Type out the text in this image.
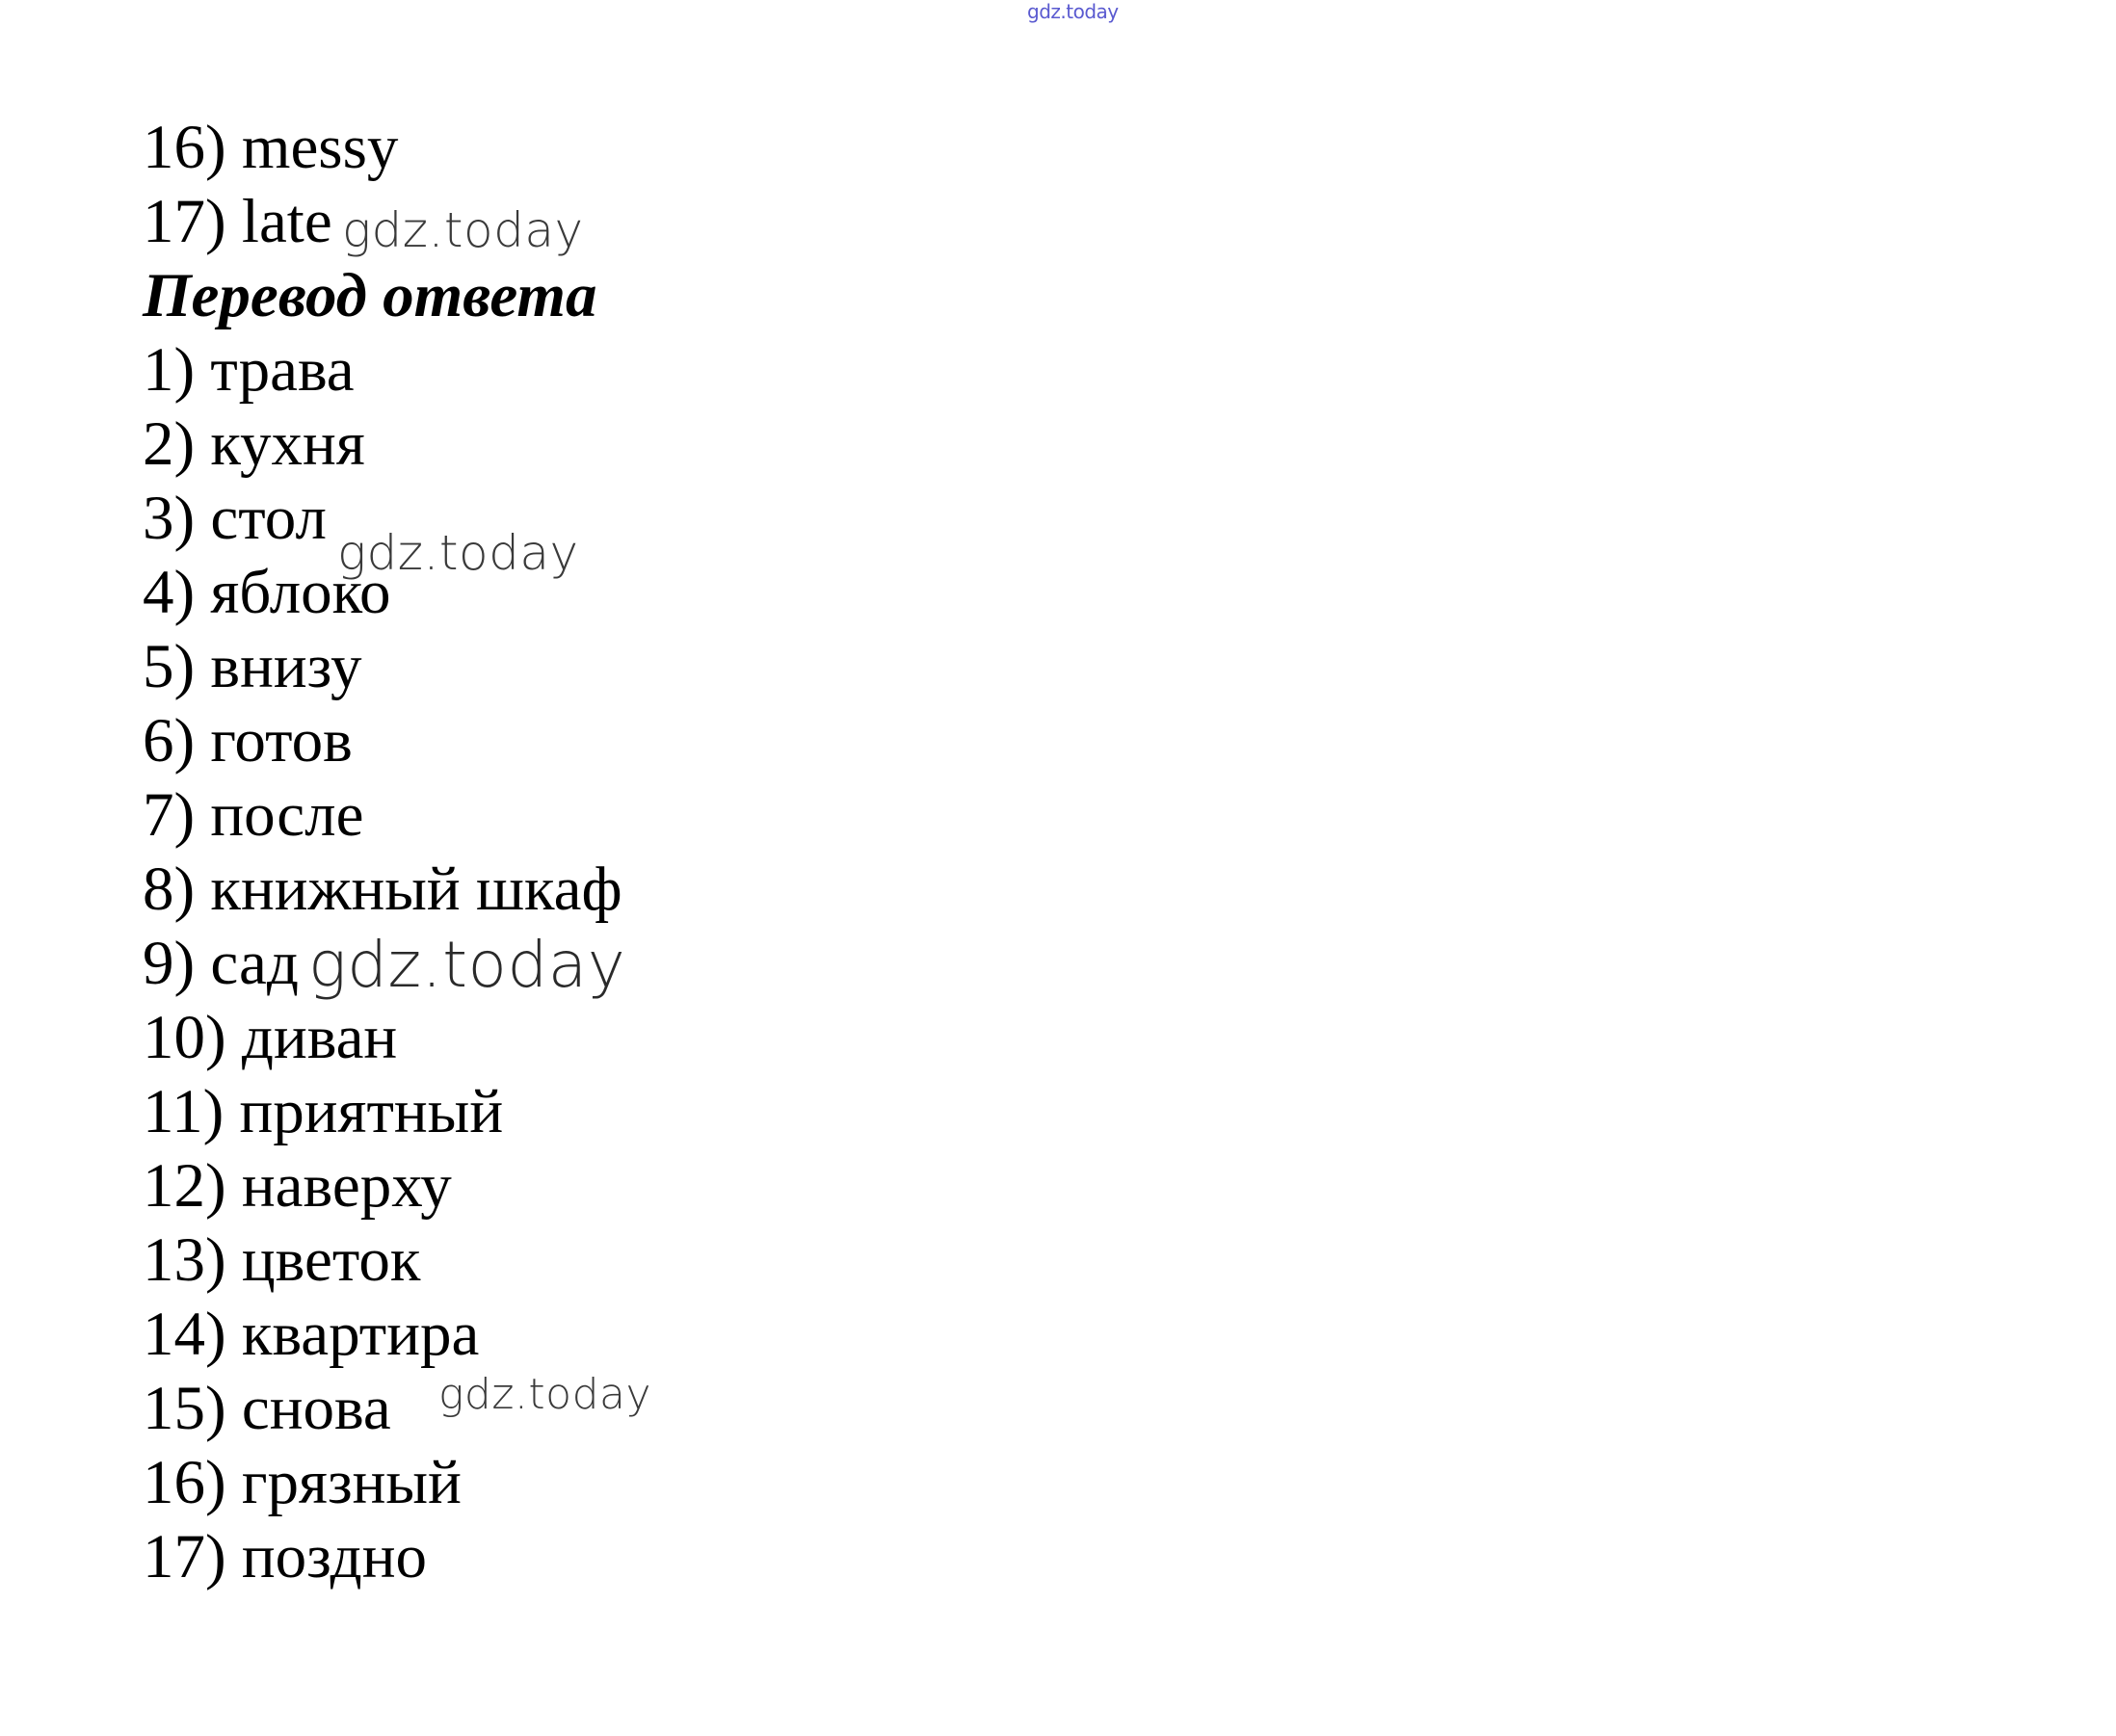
gdz.today
16) messy
17) late
Перевод ответа
1) трава
2) кухня
3) стол
4) яблоко
5) внизу
6) готов
7) после
8) книжный шкаф
9) сад
10) диван
11) приятный
12) наверху
13) цветок
14) квартира
15) снова
16) грязный
17) поздно
gdz.today
gdz.today
gdz.today
gdz.today
